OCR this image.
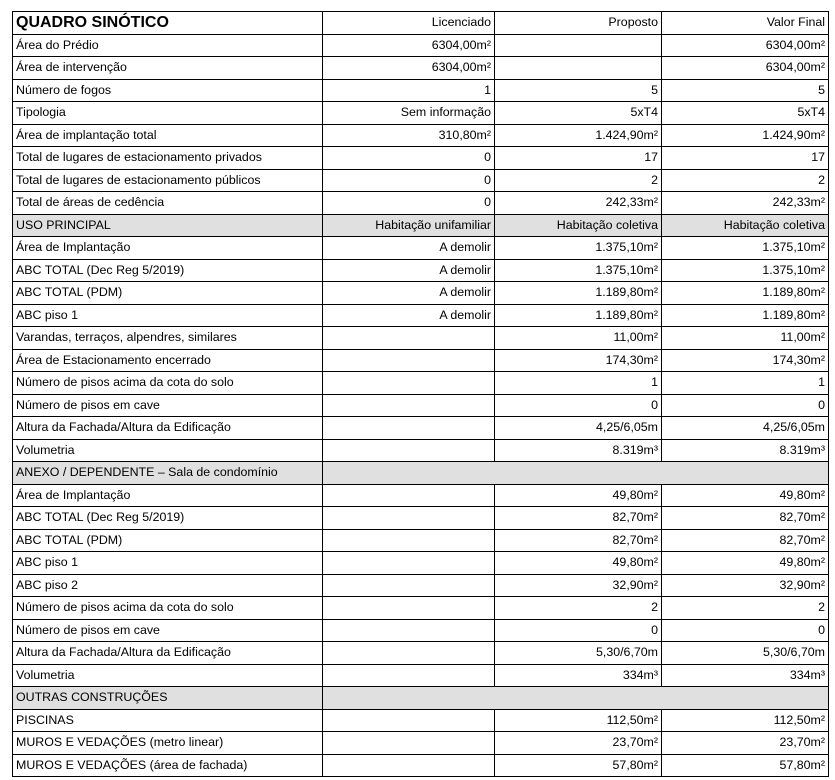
QUADRO SINÓTICO	Licenciado	Proposto	Valor Final
Área do Prédio	6304,00m²		6304,00m²
Área de intervenção	6304,00m²		6304,00m²
Número de fogos	1	5	5
Tipologia	Sem informação	5xT4	5xT4
Área de implantação total	310,80m²	1.424,90m²	1.424,90m²
Total de lugares de estacionamento privados	0	17	17
Total de lugares de estacionamento públicos	0	2	2
Total de áreas de cedência	0	242,33m²	242,33m²
USO PRINCIPAL	Habitação unifamiliar	Habitação coletiva	Habitação coletiva
Área de Implantação	A demolir	1.375,10m²	1.375,10m²
ABC TOTAL (Dec Reg 5/2019)	A demolir	1.375,10m²	1.375,10m²
ABC TOTAL (PDM)	A demolir	1.189,80m²	1.189,80m²
ABC piso 1	A demolir	1.189,80m²	1.189,80m²
Varandas, terraços, alpendres, similares		11,00m²	11,00m²
Área de Estacionamento encerrado		174,30m²	174,30m²
Número de pisos acima da cota do solo		1	1
Número de pisos em cave		0	0
Altura da Fachada/Altura da Edificação		4,25/6,05m	4,25/6,05m
Volumetria		8.319m³	8.319m³
ANEXO / DEPENDENTE – Sala de condomínio			
Área de Implantação		49,80m²	49,80m²
ABC TOTAL (Dec Reg 5/2019)		82,70m²	82,70m²
ABC TOTAL (PDM)		82,70m²	82,70m²
ABC piso 1		49,80m²	49,80m²
ABC piso 2		32,90m²	32,90m²
Número de pisos acima da cota do solo		2	2
Número de pisos em cave		0	0
Altura da Fachada/Altura da Edificação		5,30/6,70m	5,30/6,70m
Volumetria		334m³	334m³
OUTRAS CONSTRUÇÕES			
PISCINAS		112,50m²	112,50m²
MUROS E VEDAÇÕES (metro linear)		23,70m²	23,70m²
MUROS E VEDAÇÕES (área de fachada)		57,80m²	57,80m²
